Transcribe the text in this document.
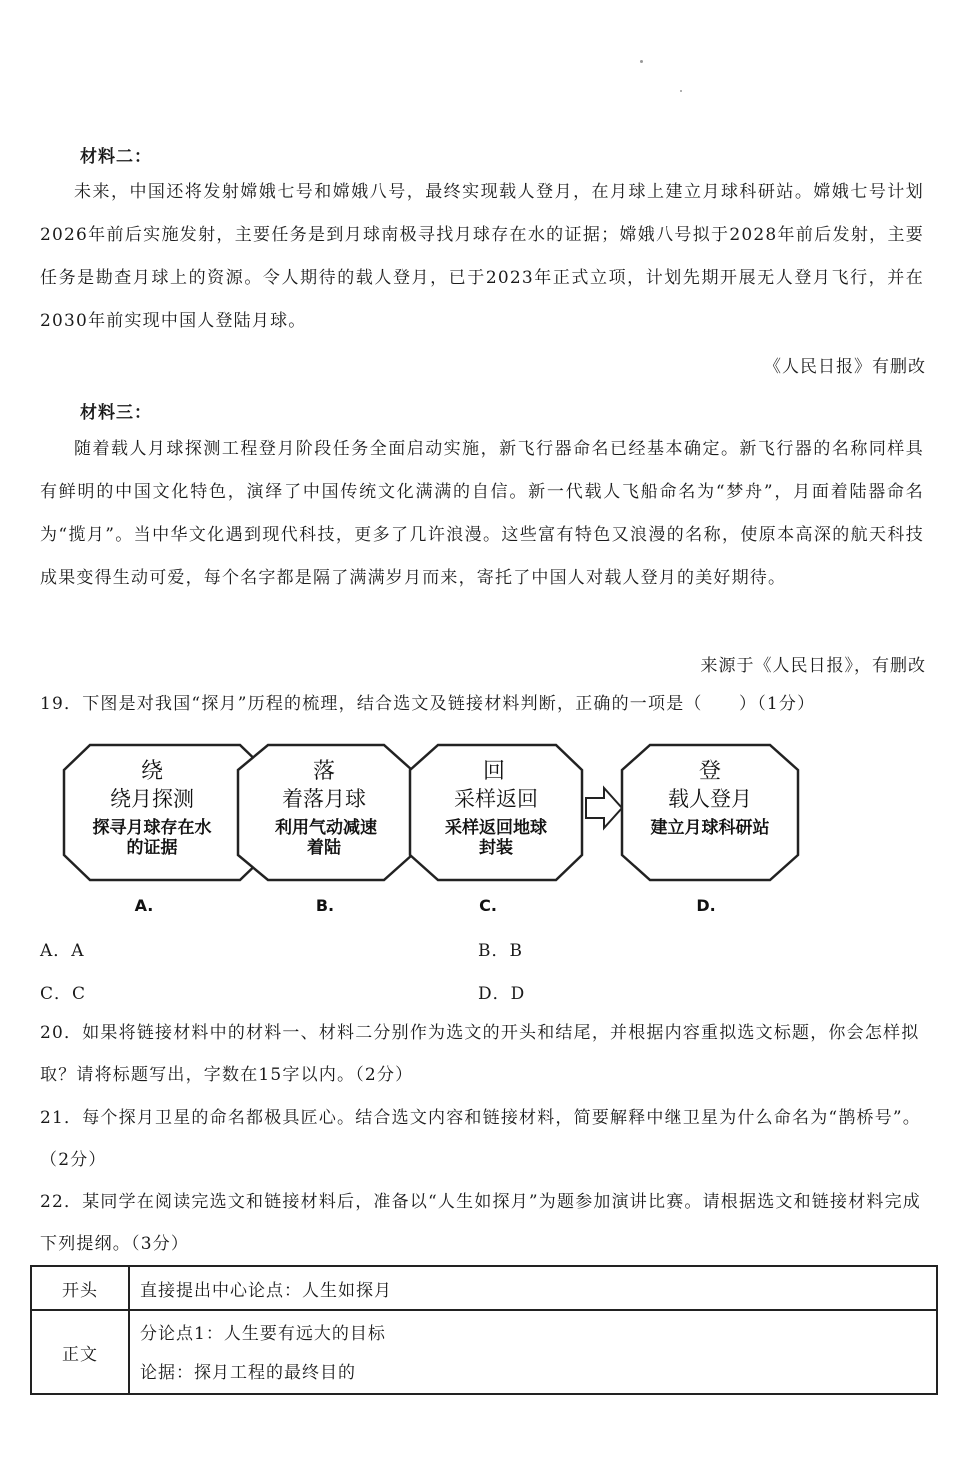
材料二：
未来，中国还将发射嫦娥七号和嫦娥八号，最终实现载人登月，在月球上建立月球科研站。嫦娥七号计划2026年前后实施发射，主要任务是到月球南极寻找月球存在水的证据；嫦娥八号拟于2028年前后发射，主要任务是勘查月球上的资源。令人期待的载人登月，已于2023年正式立项，计划先期开展无人登月飞行，并在2030年前实现中国人登陆月球。
《人民日报》有删改
材料三：
随着载人月球探测工程登月阶段任务全面启动实施，新飞行器命名已经基本确定。新飞行器的名称同样具有鲜明的中国文化特色，演绎了中国传统文化满满的自信。新一代载人飞船命名为“梦舟”，月面着陆器命名为“揽月”。当中华文化遇到现代科技，更多了几许浪漫。这些富有特色又浪漫的名称，使原本高深的航天科技成果变得生动可爱，每个名字都是隔了满满岁月而来，寄托了中国人对载人登月的美好期待。
来源于《人民日报》，有删改
19．下图是对我国“探月”历程的梳理，结合选文及链接材料判断，正确的一项是（　　）（1分）
绕
绕月探测
探寻月球存在水
的证据
A.
落
着落月球
利用气动减速
着陆
B.
回
采样返回
采样返回地球
封装
C.
登
载人登月
建立月球科研站
D.
A．A	B．B
C．C	D．D
20．如果将链接材料中的材料一、材料二分别作为选文的开头和结尾，并根据内容重拟选文标题，你会怎样拟取？请将标题写出，字数在15字以内。（2分）
21．每个探月卫星的命名都极具匠心。结合选文内容和链接材料，简要解释中继卫星为什么命名为“鹊桥号”。（2分）
22．某同学在阅读完选文和链接材料后，准备以“人生如探月”为题参加演讲比赛。请根据选文和链接材料完成下列提纲。（3分）
开头	直接提出中心论点：人生如探月
正文	分论点1：人生要有远大的目标
论据：探月工程的最终目的
